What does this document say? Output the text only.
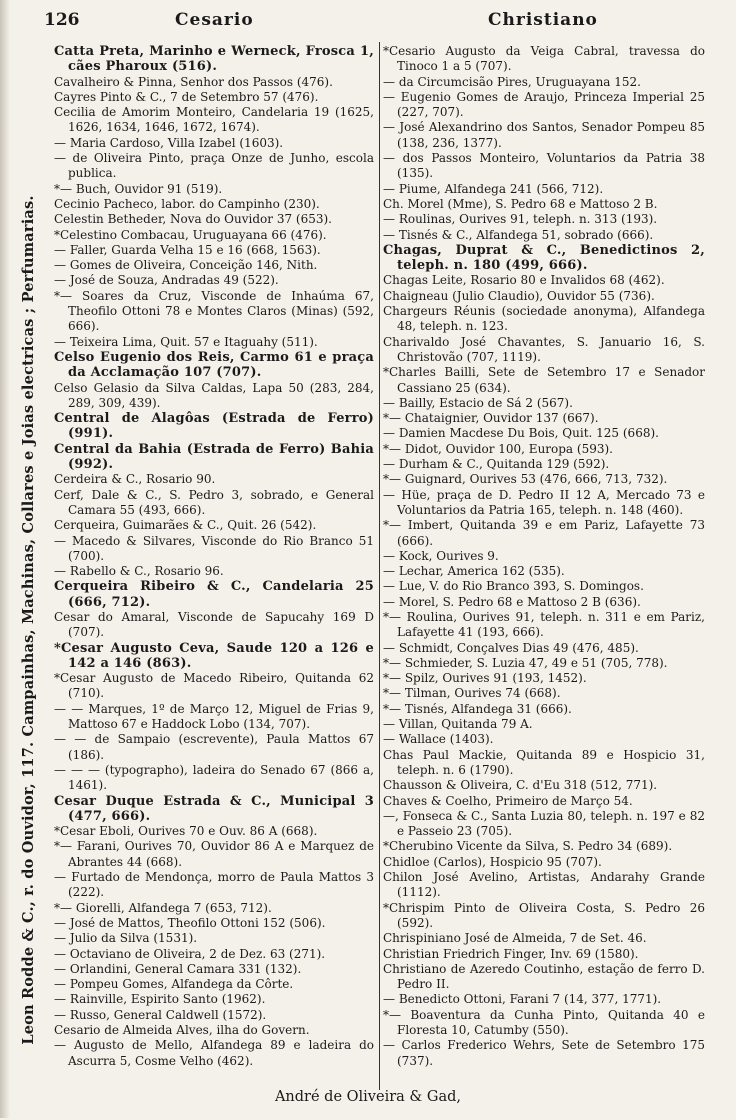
126	Cesario	Christiano
Leon Rodde & C., r. do Ouvidor, 117. Campainhas, Machinas, Collares e Joias electricas ; Perfumarias.
Catta Preta, Marinho e Werneck, Frosca 1, cães Pharoux (516).
Cavalheiro & Pinna, Senhor dos Passos (476).
Cayres Pinto & C., 7 de Setembro 57 (476).
Cecilia de Amorim Monteiro, Candelaria 19 (1625, 1626, 1634, 1646, 1672, 1674).
— Maria Cardoso, Villa Izabel (1603).
— de Oliveira Pinto, praça Onze de Junho, escola publica.
*— Buch, Ouvidor 91 (519).
Cecinio Pacheco, labor. do Campinho (230).
Celestin Betheder, Nova do Ouvidor 37 (653).
*Celestino Combacau, Uruguayana 66 (476).
— Faller, Guarda Velha 15 e 16 (668, 1563).
— Gomes de Oliveira, Conceição 146, Nith.
— José de Souza, Andradas 49 (522).
*— Soares da Cruz, Visconde de Inhaúma 67, Theofilo Ottoni 78 e Montes Claros (Minas) (592, 666).
— Teixeira Lima, Quit. 57 e Itaguahy (511).
Celso Eugenio dos Reis, Carmo 61 e praça da Acclamação 107 (707).
Celso Gelasio da Silva Caldas, Lapa 50 (283, 284, 289, 309, 439).
Central de Alagôas (Estrada de Ferro) (991).
Central da Bahia (Estrada de Ferro) Bahia (992).
Cerdeira & C., Rosario 90.
Cerf, Dale & C., S. Pedro 3, sobrado, e General Camara 55 (493, 666).
Cerqueira, Guimarães & C., Quit. 26 (542).
— Macedo & Silvares, Visconde do Rio Branco 51 (700).
— Rabello & C., Rosario 96.
Cerqueira Ribeiro & C., Candelaria 25 (666, 712).
Cesar do Amaral, Visconde de Sapucahy 169 D (707).
*Cesar Augusto Ceva, Saude 120 a 126 e 142 a 146 (863).
*Cesar Augusto de Macedo Ribeiro, Quitanda 62 (710).
— — Marques, 1º de Março 12, Miguel de Frias 9, Mattoso 67 e Haddock Lobo (134, 707).
— — de Sampaio (escrevente), Paula Mattos 67 (186).
— — — (typographo), ladeira do Senado 67 (866 a, 1461).
Cesar Duque Estrada & C., Municipal 3 (477, 666).
*Cesar Eboli, Ourives 70 e Ouv. 86 A (668).
*— Farani, Ourives 70, Ouvidor 86 A e Marquez de Abrantes 44 (668).
— Furtado de Mendonça, morro de Paula Mattos 3 (222).
*— Giorelli, Alfandega 7 (653, 712).
— José de Mattos, Theofilo Ottoni 152 (506).
— Julio da Silva (1531).
— Octaviano de Oliveira, 2 de Dez. 63 (271).
— Orlandini, General Camara 331 (132).
— Pompeu Gomes, Alfandega da Côrte.
— Rainville, Espirito Santo (1962).
— Russo, General Caldwell (1572).
Cesario de Almeida Alves, ilha do Govern.
— Augusto de Mello, Alfandega 89 e ladeira do Ascurra 5, Cosme Velho (462).
*Cesario Augusto da Veiga Cabral, travessa do Tinoco 1 a 5 (707).
— da Circumcisão Pires, Uruguayana 152.
— Eugenio Gomes de Araujo, Princeza Imperial 25 (227, 707).
— José Alexandrino dos Santos, Senador Pompeu 85 (138, 236, 1377).
— dos Passos Monteiro, Voluntarios da Patria 38 (135).
— Piume, Alfandega 241 (566, 712).
Ch. Morel (Mme), S. Pedro 68 e Mattoso 2 B.
— Roulinas, Ourives 91, teleph. n. 313 (193).
— Tisnés & C., Alfandega 51, sobrado (666).
Chagas, Duprat & C., Benedictinos 2, teleph. n. 180 (499, 666).
Chagas Leite, Rosario 80 e Invalidos 68 (462).
Chaigneau (Julio Claudio), Ouvidor 55 (736).
Chargeurs Réunis (sociedade anonyma), Alfandega 48, teleph. n. 123.
Charivaldo José Chavantes, S. Januario 16, S. Christovão (707, 1119).
*Charles Bailli, Sete de Setembro 17 e Senador Cassiano 25 (634).
— Bailly, Estacio de Sá 2 (567).
*— Chataignier, Ouvidor 137 (667).
— Damien Macdese Du Bois, Quit. 125 (668).
*— Didot, Ouvidor 100, Europa (593).
— Durham & C., Quitanda 129 (592).
*— Guignard, Ourives 53 (476, 666, 713, 732).
— Hüe, praça de D. Pedro II 12 A, Mercado 73 e Voluntarios da Patria 165, teleph. n. 148 (460).
*— Imbert, Quitanda 39 e em Pariz, Lafayette 73 (666).
— Kock, Ourives 9.
— Lechar, America 162 (535).
— Lue, V. do Rio Branco 393, S. Domingos.
— Morel, S. Pedro 68 e Mattoso 2 B (636).
*— Roulina, Ourives 91, teleph. n. 311 e em Pariz, Lafayette 41 (193, 666).
— Schmidt, Conçalves Dias 49 (476, 485).
*— Schmieder, S. Luzia 47, 49 e 51 (705, 778).
*— Spilz, Ourives 91 (193, 1452).
*— Tilman, Ourives 74 (668).
*— Tisnés, Alfandega 31 (666).
— Villan, Quitanda 79 A.
— Wallace (1403).
Chas Paul Mackie, Quitanda 89 e Hospicio 31, teleph. n. 6 (1790).
Chausson & Oliveira, C. d'Eu 318 (512, 771).
Chaves & Coelho, Primeiro de Março 54.
—, Fonseca & C., Santa Luzia 80, teleph. n. 197 e 82 e Passeio 23 (705).
*Cherubino Vicente da Silva, S. Pedro 34 (689).
Chidloe (Carlos), Hospicio 95 (707).
Chilon José Avelino, Artistas, Andarahy Grande (1112).
*Chrispim Pinto de Oliveira Costa, S. Pedro 26 (592).
Chrispiniano José de Almeida, 7 de Set. 46.
Christian Friedrich Finger, Inv. 69 (1580).
Christiano de Azeredo Coutinho, estação de ferro D. Pedro II.
— Benedicto Ottoni, Farani 7 (14, 377, 1771).
*— Boaventura da Cunha Pinto, Quitanda 40 e Floresta 10, Catumby (550).
— Carlos Frederico Wehrs, Sete de Setembro 175 (737).
André de Oliveira & Gad,
